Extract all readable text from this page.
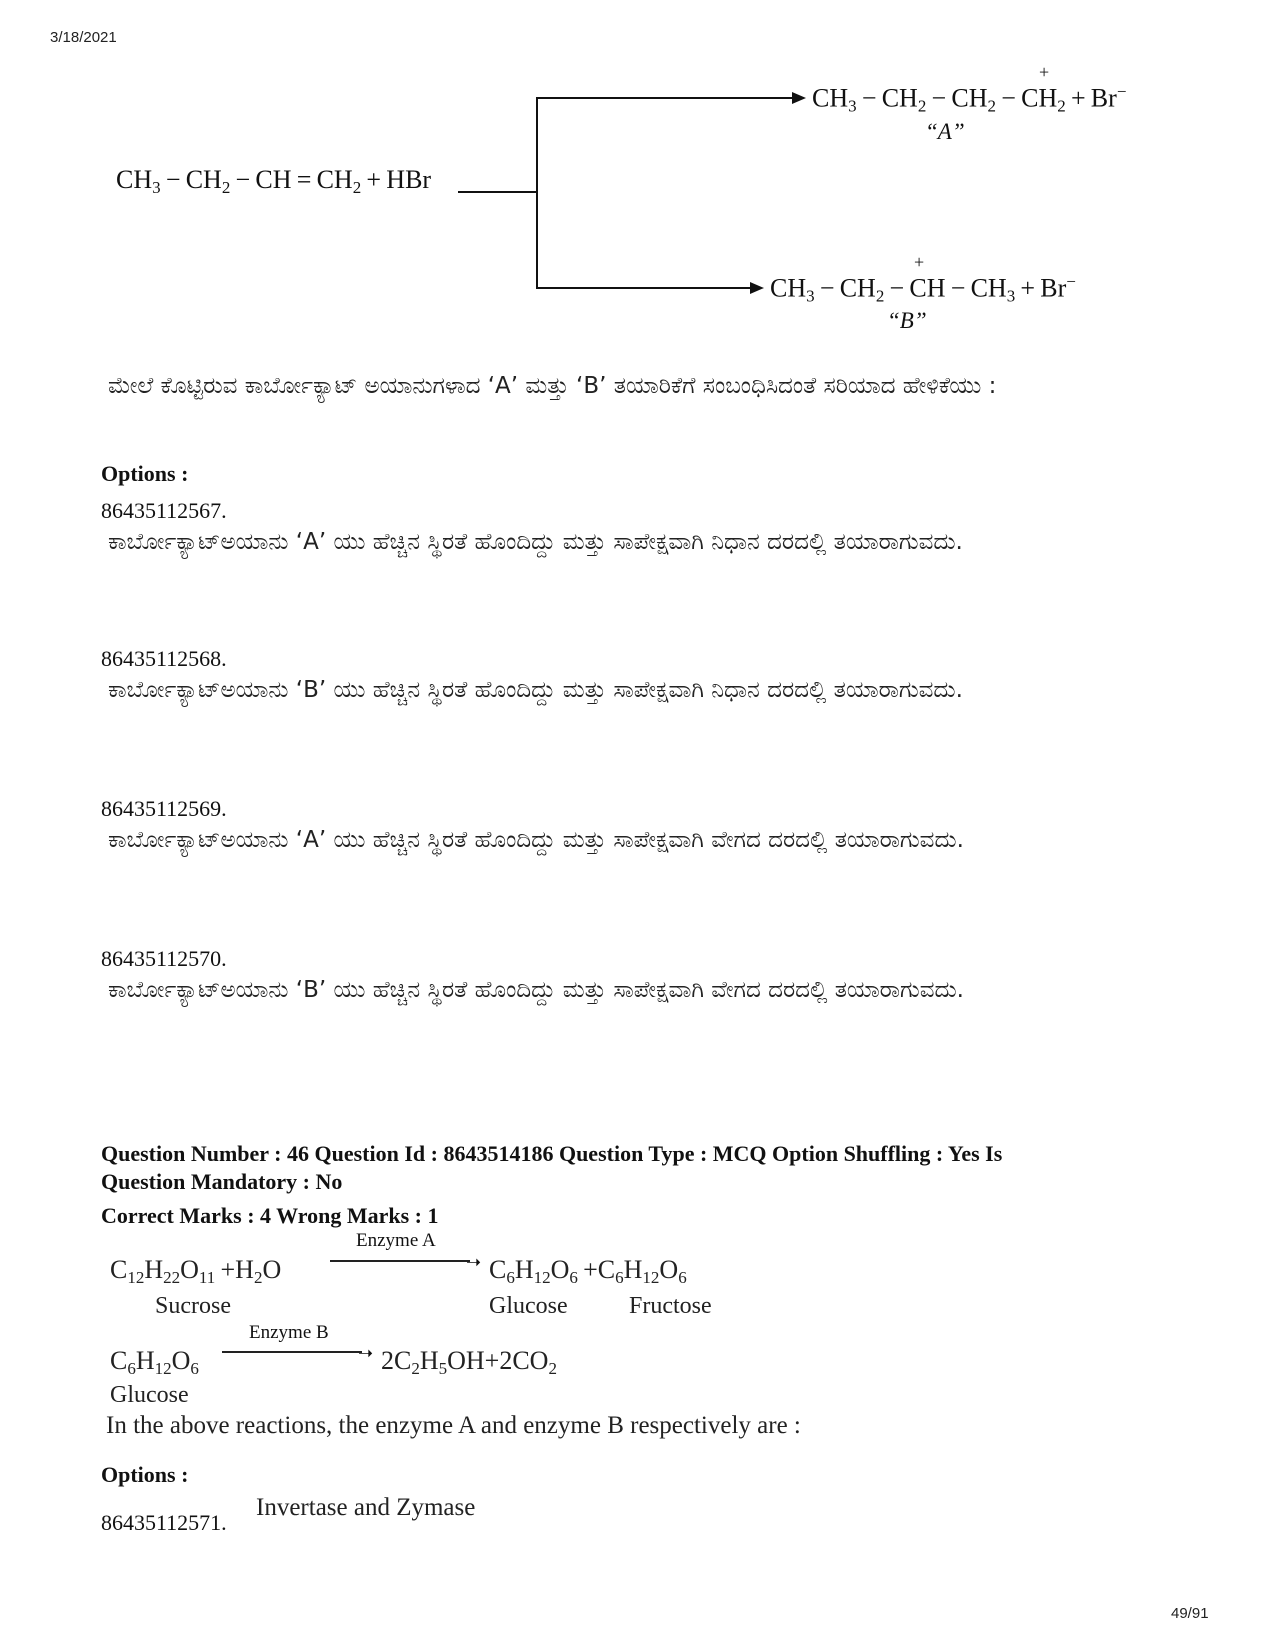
3/18/2021
$CH_3 - CH_2$ − CH = $CH_2$ + HBr
$CH_3 - CH_2 - CH_2 - CH_2 + Br^-$
+
“A”
$CH_3 - CH_2$ − CH − $CH_3 + Br^-$
+
“B”
ಮೇಲೆ ಕೊಟ್ಟಿರುವ ಕಾರ್ಬೋಕ್ಯಾಟ್ ಅಯಾನುಗಳಾದ ‘A’ ಮತ್ತು ‘B’ ತಯಾರಿಕೆಗೆ ಸಂಬಂಧಿಸಿದಂತೆ ಸರಿಯಾದ ಹೇಳಿಕೆಯು :
Options :
86435112567.
ಕಾರ್ಬೋಕ್ಯಾಟ್ಅಯಾನು ‘A’ ಯು ಹೆಚ್ಚಿನ ಸ್ಥಿರತೆ ಹೊಂದಿದ್ದು ಮತ್ತು ಸಾಪೇಕ್ಷವಾಗಿ ನಿಧಾನ ದರದಲ್ಲಿ ತಯಾರಾಗುವದು.
86435112568.
ಕಾರ್ಬೋಕ್ಯಾಟ್ಅಯಾನು ‘B’ ಯು ಹೆಚ್ಚಿನ ಸ್ಥಿರತೆ ಹೊಂದಿದ್ದು ಮತ್ತು ಸಾಪೇಕ್ಷವಾಗಿ ನಿಧಾನ ದರದಲ್ಲಿ ತಯಾರಾಗುವದು.
86435112569.
ಕಾರ್ಬೋಕ್ಯಾಟ್ಅಯಾನು ‘A’ ಯು ಹೆಚ್ಚಿನ ಸ್ಥಿರತೆ ಹೊಂದಿದ್ದು ಮತ್ತು ಸಾಪೇಕ್ಷವಾಗಿ ವೇಗದ ದರದಲ್ಲಿ ತಯಾರಾಗುವದು.
86435112570.
ಕಾರ್ಬೋಕ್ಯಾಟ್ಅಯಾನು ‘B’ ಯು ಹೆಚ್ಚಿನ ಸ್ಥಿರತೆ ಹೊಂದಿದ್ದು ಮತ್ತು ಸಾಪೇಕ್ಷವಾಗಿ ವೇಗದ ದರದಲ್ಲಿ ತಯಾರಾಗುವದು.
Question Number : 46 Question Id : 8643514186 Question Type : MCQ Option Shuffling : Yes Is
Question Mandatory : No
Correct Marks : 4 Wrong Marks : 1
$C_{12}H_{22}O_{11} +H_2O$
Enzyme A
➝ $C_6H_{12}O_6 +C_6H_{12}O_6$
Sucrose	Glucose	Fructose
$C_6H_{12}O_6$
Enzyme B
➝ $2C_2H_5OH+2CO_2$
Glucose
In the above reactions, the enzyme A and enzyme B respectively are :
Options :
86435112571.
Invertase and Zymase
49/91
